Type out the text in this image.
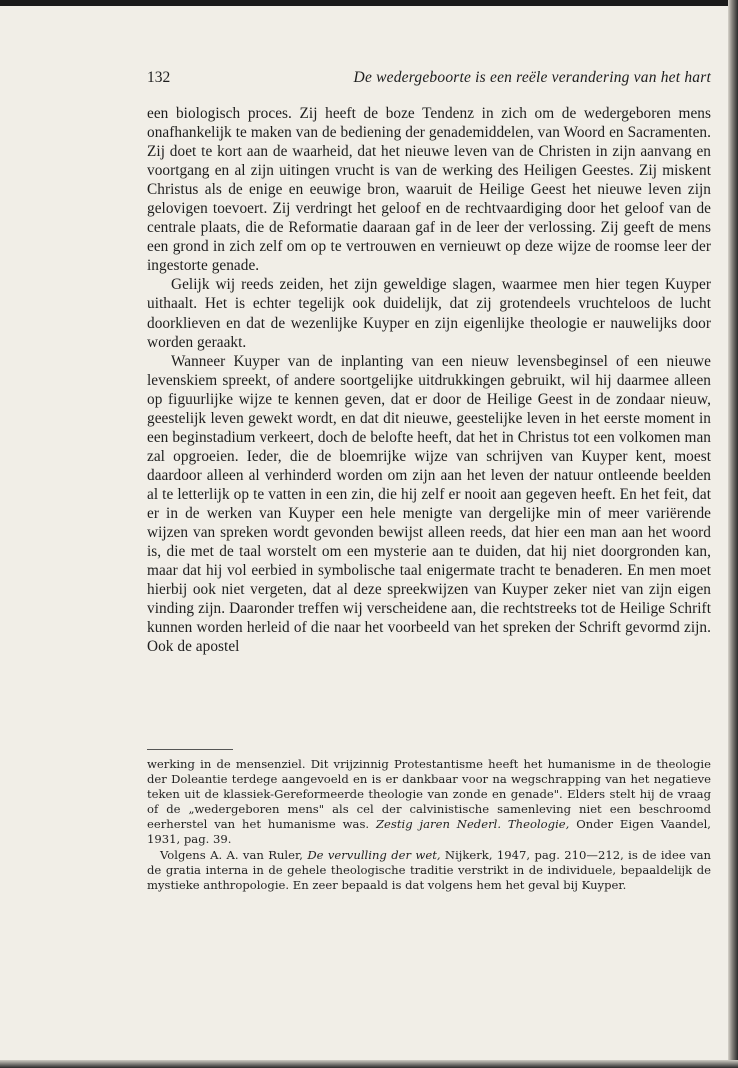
132	De wedergeboorte is een reële verandering van het hart

een biologisch proces. Zij heeft de boze Tendenz in zich om de wedergeboren mens onafhankelijk te maken van de bediening der genademiddelen, van Woord en Sacramenten. Zij doet te kort aan de waarheid, dat het nieuwe leven van de Christen in zijn aanvang en voortgang en al zijn uitingen vrucht is van de werking des Heiligen Geestes. Zij miskent Christus als de enige en eeuwige bron, waaruit de Heilige Geest het nieuwe leven zijn gelovigen toevoert. Zij verdringt het geloof en de rechtvaardiging door het geloof van de centrale plaats, die de Reformatie daaraan gaf in de leer der verlossing. Zij geeft de mens een grond in zich zelf om op te vertrouwen en vernieuwt op deze wijze de roomse leer der ingestorte genade.

Gelijk wij reeds zeiden, het zijn geweldige slagen, waarmee men hier tegen Kuyper uithaalt. Het is echter tegelijk ook duidelijk, dat zij grotendeels vruchteloos de lucht doorklieven en dat de wezenlijke Kuyper en zijn eigenlijke theologie er nauwelijks door worden geraakt.

Wanneer Kuyper van de inplanting van een nieuw levensbeginsel of een nieuwe levenskiem spreekt, of andere soortgelijke uitdrukkingen gebruikt, wil hij daarmee alleen op figuurlijke wijze te kennen geven, dat er door de Heilige Geest in de zondaar nieuw, geestelijk leven gewekt wordt, en dat dit nieuwe, geestelijke leven in het eerste moment in een beginstadium verkeert, doch de belofte heeft, dat het in Christus tot een volkomen man zal opgroeien. Ieder, die de bloemrijke wijze van schrijven van Kuyper kent, moest daardoor alleen al verhinderd worden om zijn aan het leven der natuur ontleende beelden al te letterlijk op te vatten in een zin, die hij zelf er nooit aan gegeven heeft. En het feit, dat er in de werken van Kuyper een hele menigte van dergelijke min of meer variërende wijzen van spreken wordt gevonden bewijst alleen reeds, dat hier een man aan het woord is, die met de taal worstelt om een mysterie aan te duiden, dat hij niet doorgronden kan, maar dat hij vol eerbied in symbolische taal enigermate tracht te benaderen. En men moet hierbij ook niet vergeten, dat al deze spreekwijzen van Kuyper zeker niet van zijn eigen vinding zijn. Daaronder treffen wij verscheidene aan, die rechtstreeks tot de Heilige Schrift kunnen worden herleid of die naar het voorbeeld van het spreken der Schrift gevormd zijn. Ook de apostel

werking in de mensenziel. Dit vrijzinnig Protestantisme heeft het humanisme in de theologie der Doleantie terdege aangevoeld en is er dankbaar voor na wegschrapping van het negatieve teken uit de klassiek-Gereformeerde theologie van zonde en genade". Elders stelt hij de vraag of de „wedergeboren mens" als cel der calvinistische samenleving niet een beschroomd eerherstel van het humanisme was. Zestig jaren Nederl. Theologie, Onder Eigen Vaandel, 1931, pag. 39.

Volgens A. A. van Ruler, De vervulling der wet, Nijkerk, 1947, pag. 210—212, is de idee van de gratia interna in de gehele theologische traditie verstrikt in de individuele, bepaaldelijk de mystieke anthropologie. En zeer bepaald is dat volgens hem het geval bij Kuyper.
